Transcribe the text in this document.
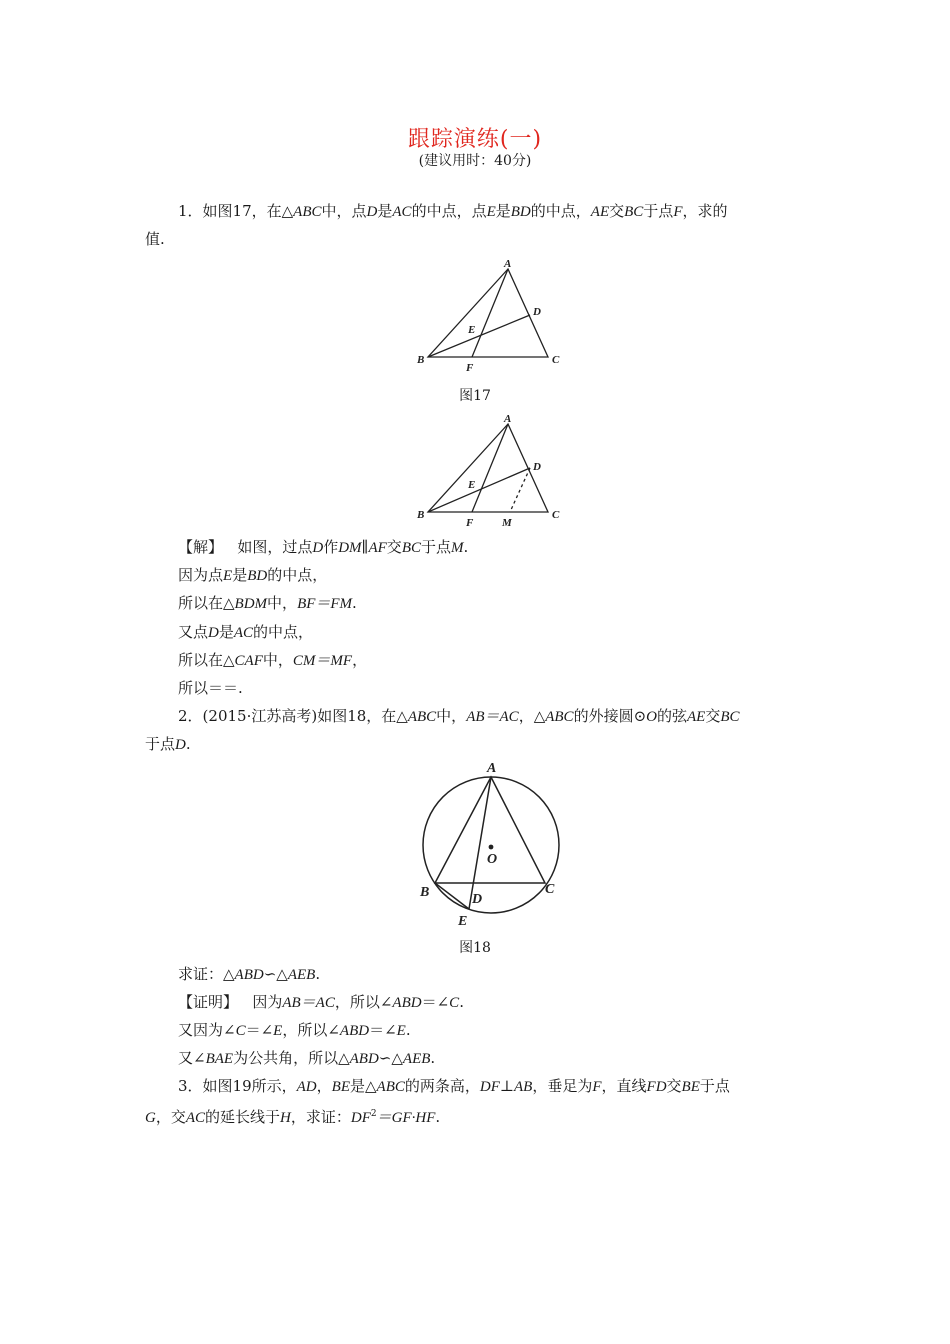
跟踪演练(一)
(建议用时：40分)
1．如图17，在△ABC中，点D是AC的中点，点E是BD的中点，AE交BC于点F，求的
值.
A
B	C
D
E
F
图17
A
B	C
D
E
F	M
【解】 如图，过点D作DM∥AF交BC于点M.
因为点E是BD的中点，
所以在△BDM中，BF＝FM.
又点D是AC的中点，
所以在△CAF中，CM＝MF，
所以＝＝.
2．(2015·江苏高考)如图18，在△ABC中，AB＝AC，△ABC的外接圆⊙O的弦AE交BC
于点D.
A
B	C
D
E
O
图18
求证：△ABD∽△AEB.
【证明】 因为AB＝AC，所以∠ABD＝∠C.
又因为∠C＝∠E，所以∠ABD＝∠E.
又∠BAE为公共角，所以△ABD∽△AEB.
3．如图19所示，AD，BE是△ABC的两条高，DF⊥AB，垂足为F，直线FD交BE于点
G，交AC的延长线于H，求证：$DF^2=GF\cdot HF$.
